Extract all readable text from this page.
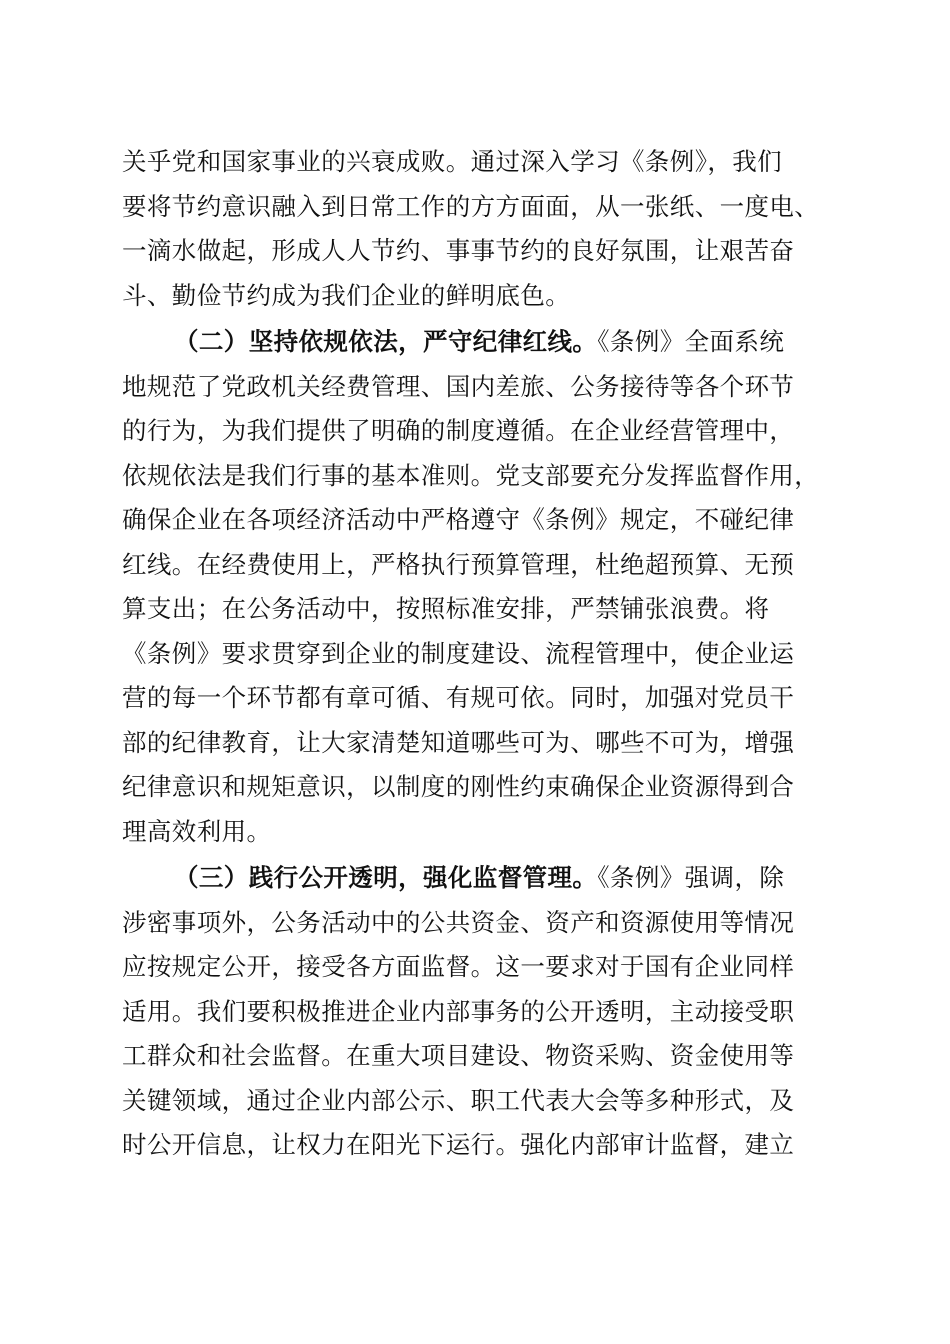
关乎党和国家事业的兴衰成败。通过深入学习《条例》，我们
要将节约意识融入到日常工作的方方面面，从一张纸、一度电、
一滴水做起，形成人人节约、事事节约的良好氛围，让艰苦奋
斗、勤俭节约成为我们企业的鲜明底色。
（二）坚持依规依法，严守纪律红线。《条例》全面系统
地规范了党政机关经费管理、国内差旅、公务接待等各个环节
的行为，为我们提供了明确的制度遵循。在企业经营管理中，
依规依法是我们行事的基本准则。党支部要充分发挥监督作用，
确保企业在各项经济活动中严格遵守《条例》规定，不碰纪律
红线。在经费使用上，严格执行预算管理，杜绝超预算、无预
算支出；在公务活动中，按照标准安排，严禁铺张浪费。将
《条例》要求贯穿到企业的制度建设、流程管理中，使企业运
营的每一个环节都有章可循、有规可依。同时，加强对党员干
部的纪律教育，让大家清楚知道哪些可为、哪些不可为，增强
纪律意识和规矩意识，以制度的刚性约束确保企业资源得到合
理高效利用。
（三）践行公开透明，强化监督管理。《条例》强调，除
涉密事项外，公务活动中的公共资金、资产和资源使用等情况
应按规定公开，接受各方面监督。这一要求对于国有企业同样
适用。我们要积极推进企业内部事务的公开透明，主动接受职
工群众和社会监督。在重大项目建设、物资采购、资金使用等
关键领域，通过企业内部公示、职工代表大会等多种形式，及
时公开信息，让权力在阳光下运行。强化内部审计监督，建立
